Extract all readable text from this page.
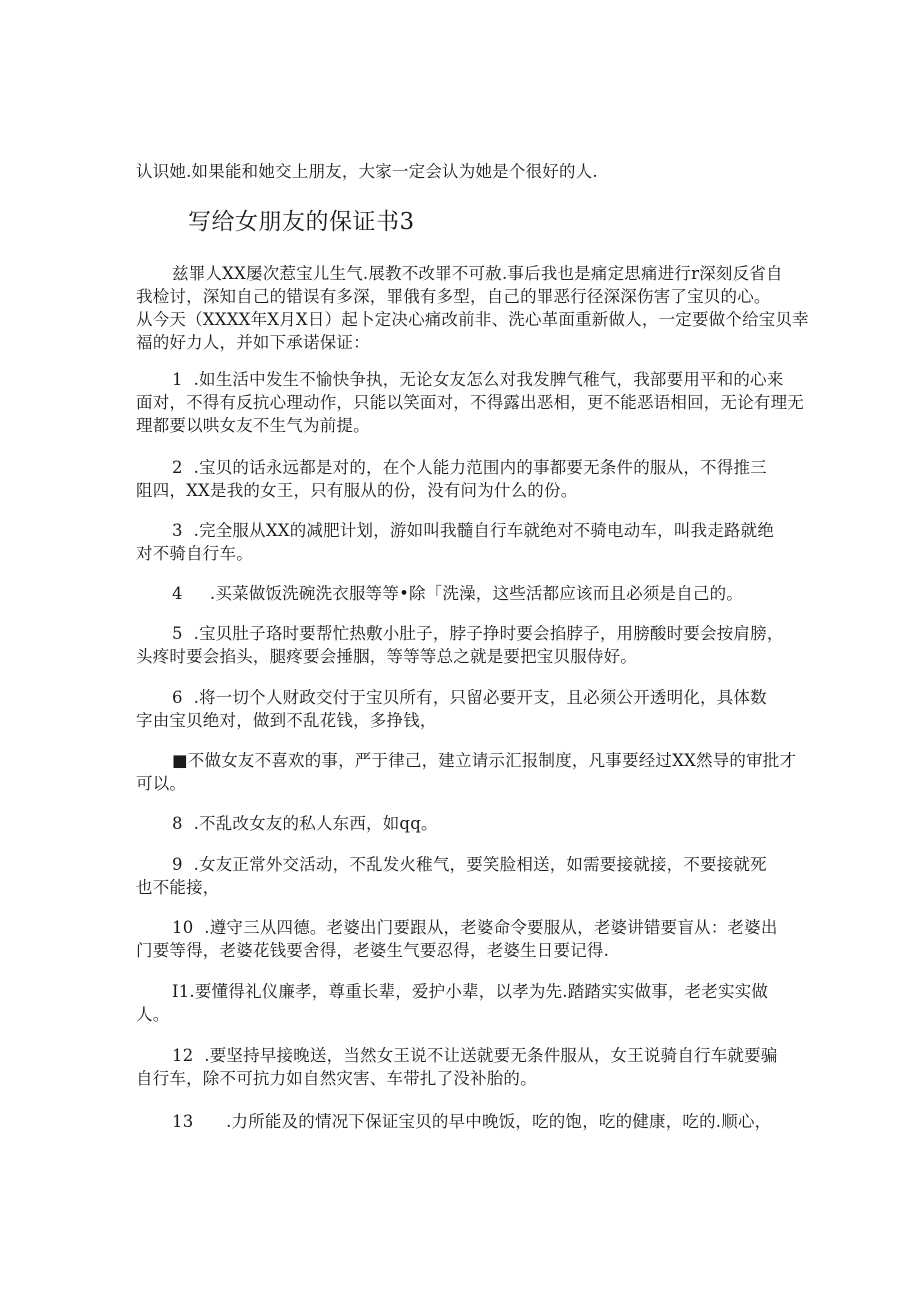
认识她.如果能和她交上朋友，大家一定会认为她是个很好的人.
写给女朋友的保证书3
兹罪人XX屡次惹宝儿生气.展教不改罪不可赦.事后我也是痛定思痛进行r深刻反省自
我检讨，深知自己的错误有多深，罪俄有多型，自己的罪恶行径深深伤害了宝贝的心。
从今天（XXXX年X月X日）起卜定决心痛改前非、洗心革面重新做人，一定要做个给宝贝幸
福的好力人，并如下承诺保证：
1  .如生活中发生不愉快争执，无论女友怎么对我发脾气稚气，我部要用平和的心来
面对，不得有反抗心理动作，只能以笑面对，不得露出恶相，更不能恶语相回，无论有理无
理都要以哄女友不生气为前提。
2  .宝贝的话永远都是对的，在个人能力范围内的事都要无条件的服从，不得推三
阻四，XX是我的女王，只有服从的份，没有问为什么的份。
3  .完全服从XX的减肥计划，游如叫我髓自行车就绝对不骑电动车，叫我走路就绝
对不骑自行车。
4     .买菜做饭洗碗洗衣服等等•除「洗澡，这些活都应该而且必须是自己的。
5  .宝贝肚子珞时要帮忙热敷小肚子，脖子挣时要会掐脖子，用膀酸时要会按肩膀，
头疼时要会掐头，腿疼要会捶胭，等等等总之就是要把宝贝服侍好。
6  .将一切个人财政交付于宝贝所有，只留必要开支，且必须公开透明化，具体数
字由宝贝绝对，做到不乱花钱，多挣钱，
■不做女友不喜欢的事，严于律己，建立请示汇报制度，凡事要经过XX然导的审批才
可以。
8  .不乱改女友的私人东西，如qq。
9  .女友正常外交活动，不乱发火稚气，要笑脸相送，如需要接就接，不要接就死
也不能接，
10  .遵守三从四德。老婆出门要跟从，老婆命令要服从，老婆讲错要盲从：老婆出
门要等得，老婆花钱要舍得，老婆生气要忍得，老婆生日要记得.
I1.要懂得礼仪廉孝，尊重长辈，爱护小辈，以孝为先.踏踏实实做事，老老实实做
人。
12  .要坚持早接晚送，当然女王说不让送就要无条件服从，女王说骑自行车就要骗
自行车，除不可抗力如自然灾害、车带扎了没补胎的。
13      .力所能及的情况下保证宝贝的早中晚饭，吃的饱，吃的健康，吃的.顺心，
